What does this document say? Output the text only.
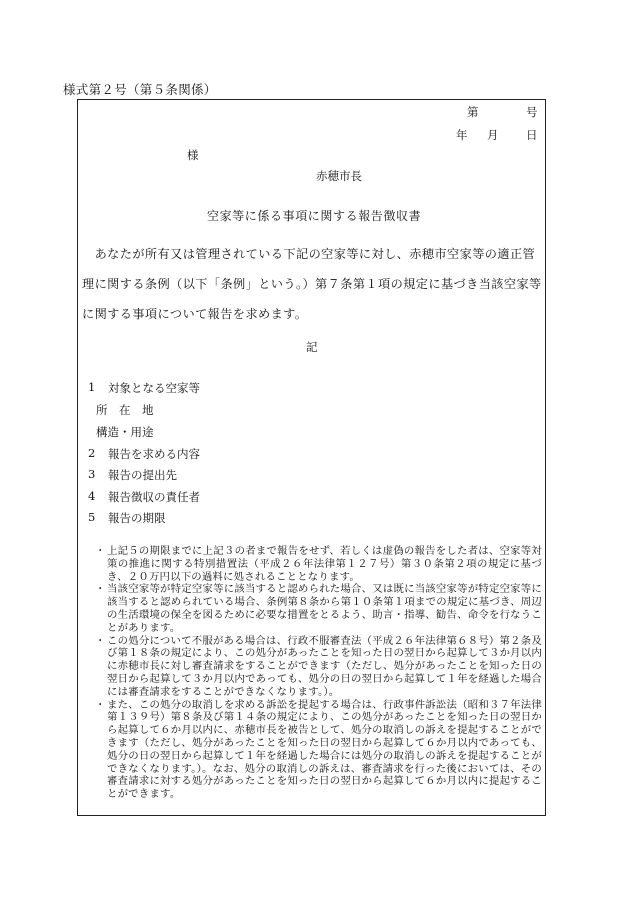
様式第２号（第５条関係）
第	号
年 月 日
様
赤穂市長
空家等に係る事項に関する報告徴収書
　あなたが所有又は管理されている下記の空家等に対し、赤穂市空家等の適正管理に関する条例（以下「条例」という。）第７条第１項の規定に基づき当該空家等に関する事項について報告を求めます。
記
1 対象となる空家等
所　在　地
構造・用途
2 報告を求める内容
3 報告の提出先
4 報告徴収の責任者
5 報告の期限
・ 上記５の期限までに上記３の者まで報告をせず、若しくは虚偽の報告をした者は、空家等対策の推進に関する特別措置法（平成２６年法律第１２７号）第３０条第２項の規定に基づき、２０万円以下の過料に処されることとなります。
・ 当該空家等が特定空家等に該当すると認められた場合、又は既に当該空家等が特定空家等に該当すると認められている場合、条例第８条から第１０条第１項までの規定に基づき、周辺の生活環境の保全を図るために必要な措置をとるよう、助言・指導、勧告、命令を行なうことがあります。
・ この処分について不服がある場合は、行政不服審査法（平成２６年法律第６８号）第２条及び第１８条の規定により、この処分があったことを知った日の翌日から起算して３か月以内に赤穂市長に対し審査請求をすることができます（ただし、処分があったことを知った日の翌日から起算して３か月以内であっても、処分の日の翌日から起算して１年を経過した場合には審査請求をすることができなくなります。）。
・ また、この処分の取消しを求める訴訟を提起する場合は、行政事件訴訟法（昭和３７年法律第１３９号）第８条及び第１４条の規定により、この処分があったことを知った日の翌日から起算して６か月以内に、赤穂市長を被告として、処分の取消しの訴えを提起することができます（ただし、処分があったことを知った日の翌日から起算して６か月以内であっても、処分の日の翌日から起算して１年を経過した場合には処分の取消しの訴えを提起することができなくなります。）。なお、処分の取消しの訴えは、審査請求を行った後においては、その審査請求に対する処分があったことを知った日の翌日から起算して６か月以内に提起することができます。
